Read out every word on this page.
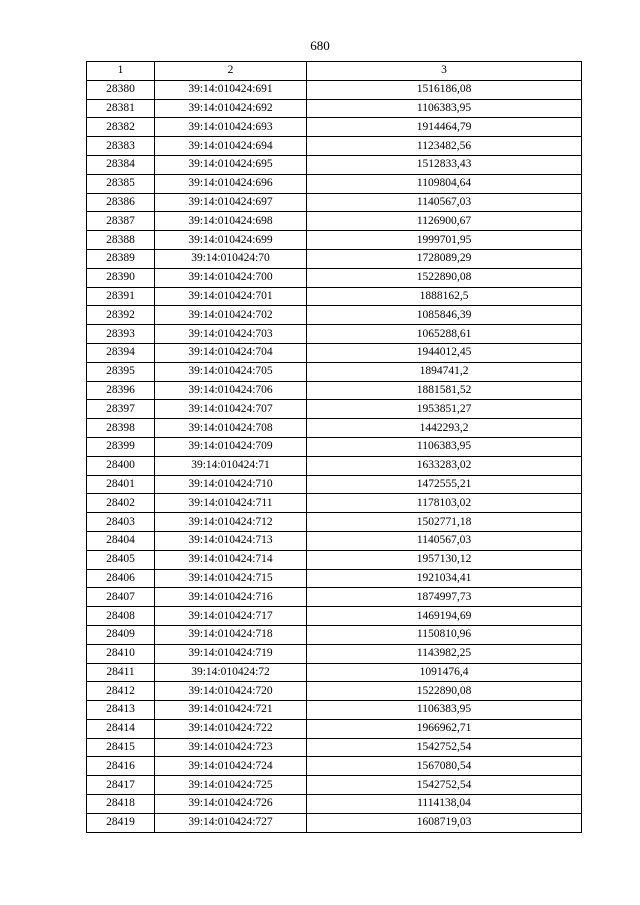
680
1	2	3
28380	39:14:010424:691	1516186,08
28381	39:14:010424:692	1106383,95
28382	39:14:010424:693	1914464,79
28383	39:14:010424:694	1123482,56
28384	39:14:010424:695	1512833,43
28385	39:14:010424:696	1109804,64
28386	39:14:010424:697	1140567,03
28387	39:14:010424:698	1126900,67
28388	39:14:010424:699	1999701,95
28389	39:14:010424:70	1728089,29
28390	39:14:010424:700	1522890,08
28391	39:14:010424:701	1888162,5
28392	39:14:010424:702	1085846,39
28393	39:14:010424:703	1065288,61
28394	39:14:010424:704	1944012,45
28395	39:14:010424:705	1894741,2
28396	39:14:010424:706	1881581,52
28397	39:14:010424:707	1953851,27
28398	39:14:010424:708	1442293,2
28399	39:14:010424:709	1106383,95
28400	39:14:010424:71	1633283,02
28401	39:14:010424:710	1472555,21
28402	39:14:010424:711	1178103,02
28403	39:14:010424:712	1502771,18
28404	39:14:010424:713	1140567,03
28405	39:14:010424:714	1957130,12
28406	39:14:010424:715	1921034,41
28407	39:14:010424:716	1874997,73
28408	39:14:010424:717	1469194,69
28409	39:14:010424:718	1150810,96
28410	39:14:010424:719	1143982,25
28411	39:14:010424:72	1091476,4
28412	39:14:010424:720	1522890,08
28413	39:14:010424:721	1106383,95
28414	39:14:010424:722	1966962,71
28415	39:14:010424:723	1542752,54
28416	39:14:010424:724	1567080,54
28417	39:14:010424:725	1542752,54
28418	39:14:010424:726	1114138,04
28419	39:14:010424:727	1608719,03
